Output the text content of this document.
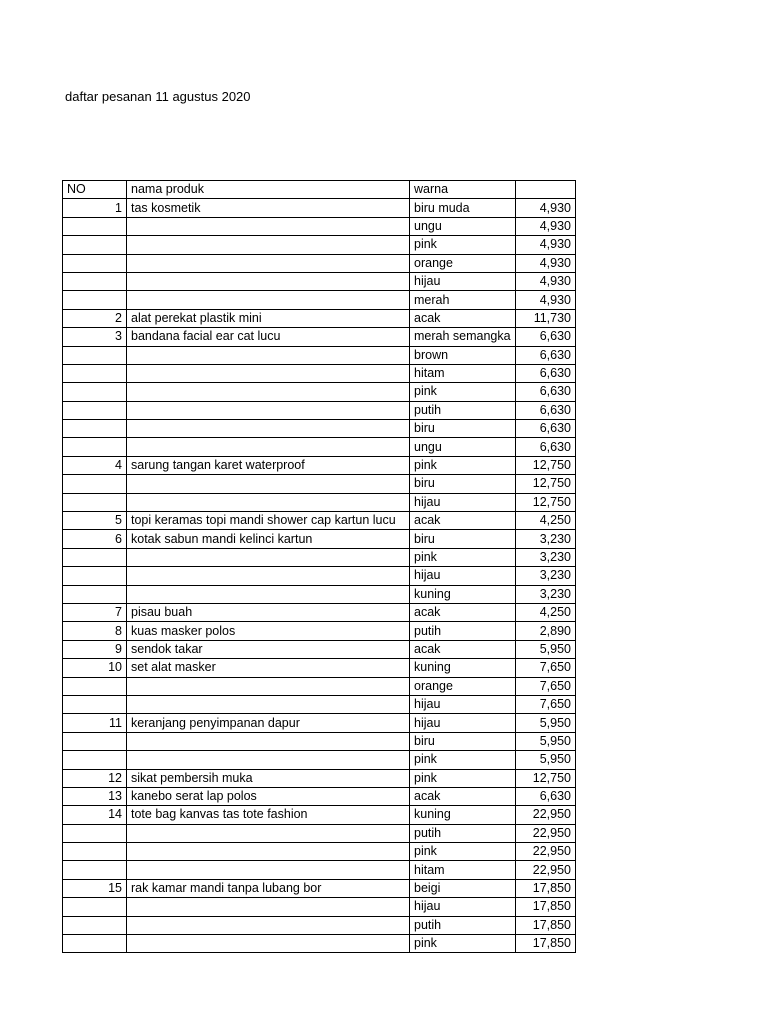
daftar pesanan 11 agustus 2020
NO	nama produk	warna	
1	tas kosmetik	biru muda	4,930
		ungu	4,930
		pink	4,930
		orange	4,930
		hijau	4,930
		merah	4,930
2	alat perekat plastik mini	acak	11,730
3	bandana facial ear cat lucu	merah semangka	6,630
		brown	6,630
		hitam	6,630
		pink	6,630
		putih	6,630
		biru	6,630
		ungu	6,630
4	sarung tangan karet waterproof	pink	12,750
		biru	12,750
		hijau	12,750
5	topi keramas topi mandi shower cap kartun lucu	acak	4,250
6	kotak sabun mandi kelinci kartun	biru	3,230
		pink	3,230
		hijau	3,230
		kuning	3,230
7	pisau buah	acak	4,250
8	kuas masker polos	putih	2,890
9	sendok takar	acak	5,950
10	set alat masker	kuning	7,650
		orange	7,650
		hijau	7,650
11	keranjang penyimpanan dapur	hijau	5,950
		biru	5,950
		pink	5,950
12	sikat pembersih muka	pink	12,750
13	kanebo serat lap polos	acak	6,630
14	tote bag kanvas tas tote fashion	kuning	22,950
		putih	22,950
		pink	22,950
		hitam	22,950
15	rak kamar mandi tanpa lubang bor	beigi	17,850
		hijau	17,850
		putih	17,850
		pink	17,850
